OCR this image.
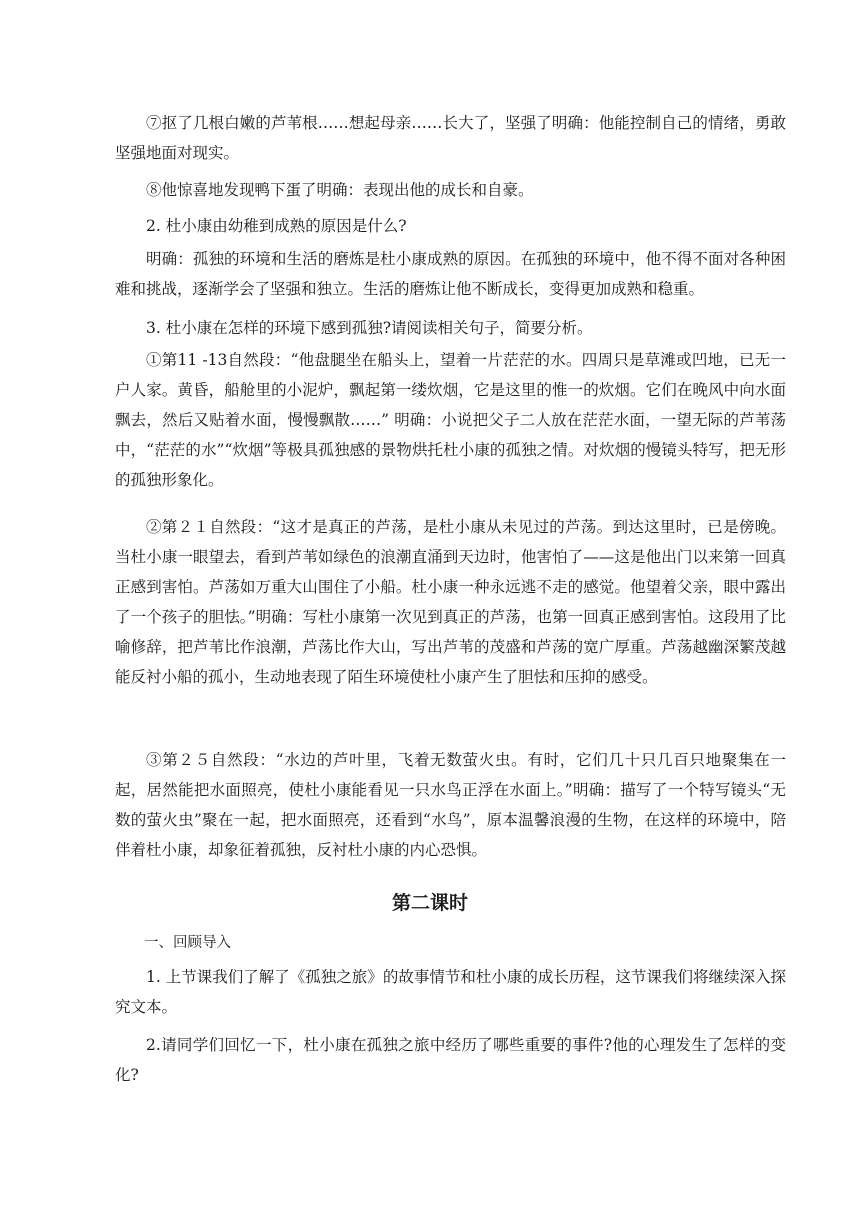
⑦抠了几根白嫩的芦苇根……想起母亲……长大了，坚强了明确：他能控制自己的情绪，勇敢坚强地面对现实。

⑧他惊喜地发现鸭下蛋了明确：表现出他的成长和自豪。

2. 杜小康由幼稚到成熟的原因是什么?

明确：孤独的环境和生活的磨炼是杜小康成熟的原因。在孤独的环境中，他不得不面对各种困难和挑战，逐渐学会了坚强和独立。生活的磨炼让他不断成长，变得更加成熟和稳重。

3. 杜小康在怎样的环境下感到孤独?请阅读相关句子，简要分析。

①第11 -13自然段：“他盘腿坐在船头上，望着一片茫茫的水。四周只是草滩或凹地，已无一户人家。黄昏，船舱里的小泥炉，飘起第一缕炊烟，它是这里的惟一的炊烟。它们在晚风中向水面飘去，然后又贴着水面，慢慢飘散……” 明确：小说把父子二人放在茫茫水面，一望无际的芦苇荡中，“茫茫的水”“炊烟”等极具孤独感的景物烘托杜小康的孤独之情。对炊烟的慢镜头特写，把无形的孤独形象化。

②第２１自然段：“这才是真正的芦荡，是杜小康从未见过的芦荡。到达这里时，已是傍晚。当杜小康一眼望去，看到芦苇如绿色的浪潮直涌到天边时，他害怕了——这是他出门以来第一回真正感到害怕。芦荡如万重大山围住了小船。杜小康一种永远逃不走的感觉。他望着父亲，眼中露出了一个孩子的胆怯。”明确：写杜小康第一次见到真正的芦荡，也第一回真正感到害怕。这段用了比喻修辞，把芦苇比作浪潮，芦荡比作大山，写出芦苇的茂盛和芦荡的宽广厚重。芦荡越幽深繁茂越能反衬小船的孤小，生动地表现了陌生环境使杜小康产生了胆怯和压抑的感受。

③第２５自然段：“水边的芦叶里，飞着无数萤火虫。有时，它们几十只几百只地聚集在一起，居然能把水面照亮，使杜小康能看见一只水鸟正浮在水面上。”明确：描写了一个特写镜头“无数的萤火虫”聚在一起，把水面照亮，还看到“水鸟”，原本温馨浪漫的生物，在这样的环境中，陪伴着杜小康，却象征着孤独，反衬杜小康的内心恐惧。

第二课时

一、回顾导入

1. 上节课我们了解了《孤独之旅》的故事情节和杜小康的成长历程，这节课我们将继续深入探究文本。

2.请同学们回忆一下，杜小康在孤独之旅中经历了哪些重要的事件?他的心理发生了怎样的变化?
